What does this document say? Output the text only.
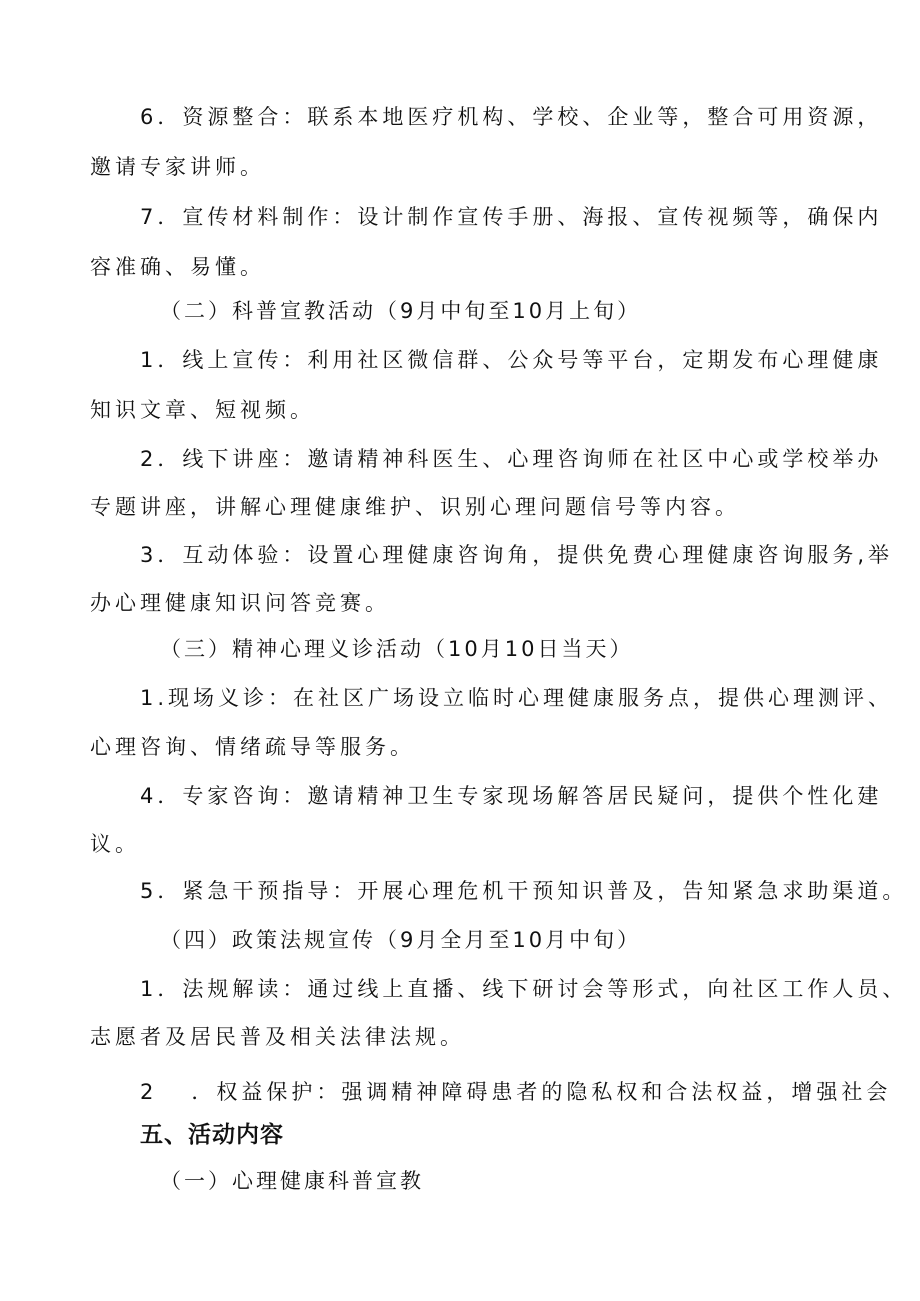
6．资源整合：联系本地医疗机构、学校、企业等，整合可用资源，
邀请专家讲师。
7．宣传材料制作：设计制作宣传手册、海报、宣传视频等，确保内
容准确、易懂。
（二）科普宣教活动（9月中旬至10月上旬）
1．线上宣传：利用社区微信群、公众号等平台，定期发布心理健康
知识文章、短视频。
2．线下讲座：邀请精神科医生、心理咨询师在社区中心或学校举办
专题讲座，讲解心理健康维护、识别心理问题信号等内容。
3．互动体验：设置心理健康咨询角，提供免费心理健康咨询服务,举
办心理健康知识问答竞赛。
（三）精神心理义诊活动（10月10日当天）
1.现场义诊：在社区广场设立临时心理健康服务点，提供心理测评、
心理咨询、情绪疏导等服务。
4．专家咨询：邀请精神卫生专家现场解答居民疑问，提供个性化建
议。
5．紧急干预指导：开展心理危机干预知识普及，告知紧急求助渠道。
（四）政策法规宣传（9月全月至10月中旬）
1．法规解读：通过线上直播、线下研讨会等形式，向社区工作人员、
志愿者及居民普及相关法律法规。
2 ．权益保护：强调精神障碍患者的隐私权和合法权益，增强社会
五、活动内容
（一）心理健康科普宣教
